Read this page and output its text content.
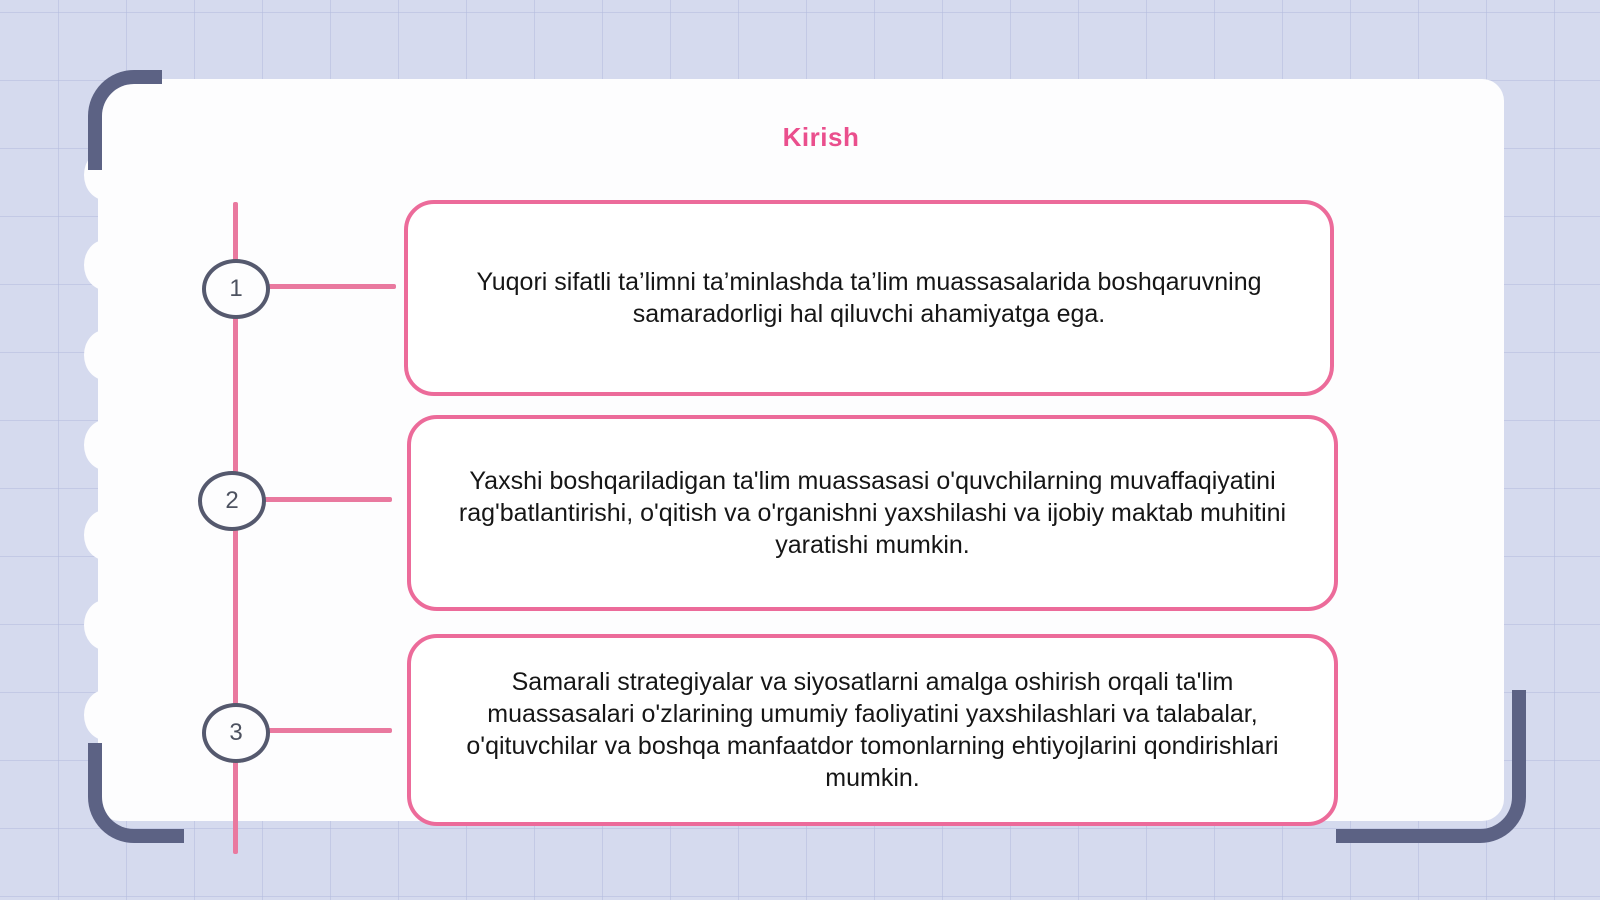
Kirish
1
2
3
Yuqori sifatli ta’limni ta’minlashda ta’lim muassasalarida boshqaruvning samaradorligi hal qiluvchi ahamiyatga ega.
Yaxshi boshqariladigan ta'lim muassasasi o'quvchilarning muvaffaqiyatini rag'batlantirishi, o'qitish va o'rganishni yaxshilashi va ijobiy maktab muhitini yaratishi mumkin.
Samarali strategiyalar va siyosatlarni amalga oshirish orqali ta'lim muassasalari o'zlarining umumiy faoliyatini yaxshilashlari va talabalar, o'qituvchilar va boshqa manfaatdor tomonlarning ehtiyojlarini qondirishlari mumkin.
